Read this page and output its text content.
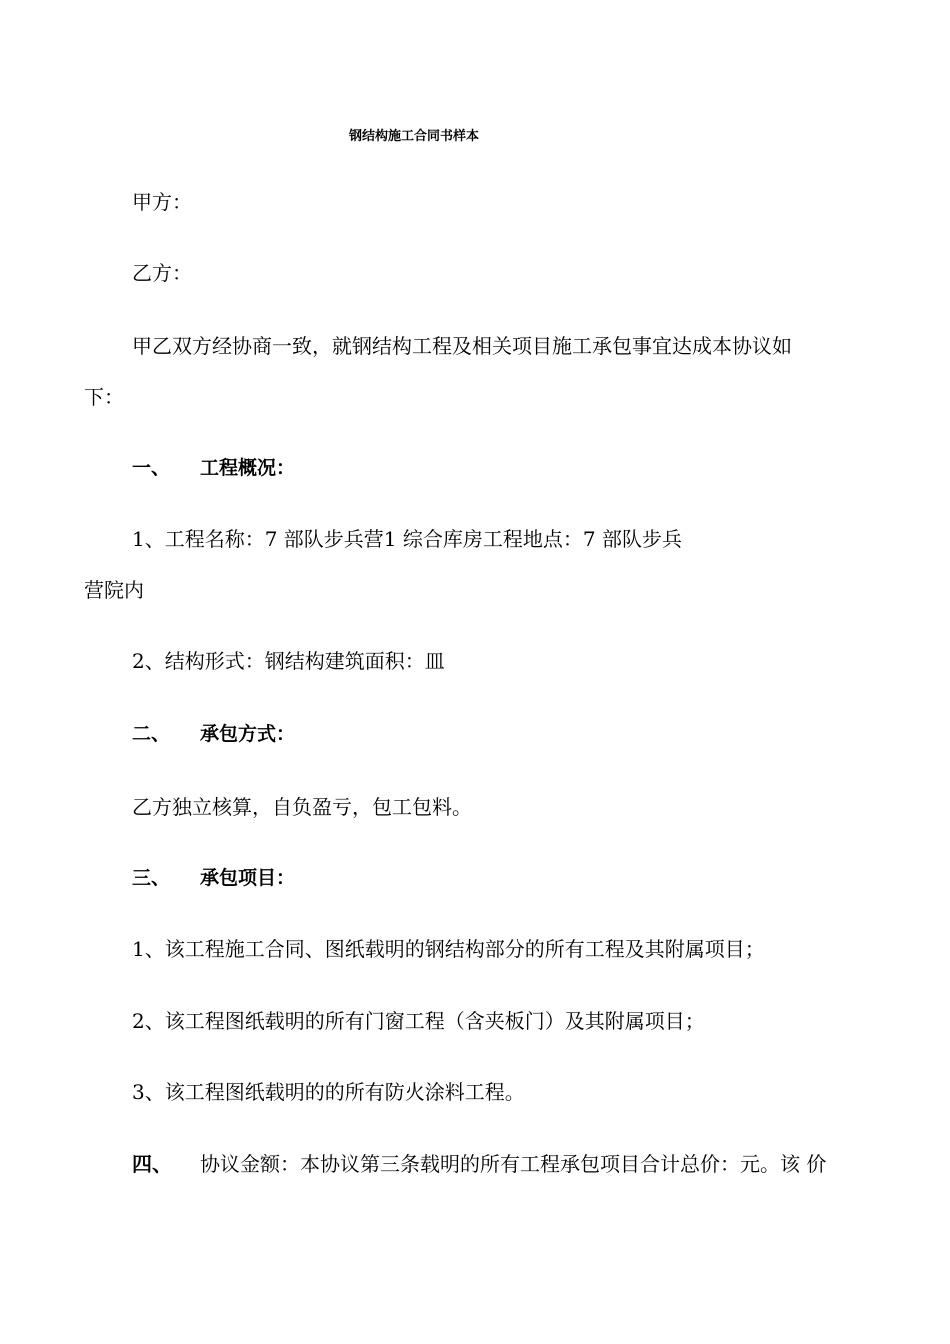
钢结构施工合同书样本
甲方：
乙方：
甲乙双方经协商一致，就钢结构工程及相关项目施工承包事宜达成本协议如
下：
一、 工程概况：
1、工程名称：7 部队步兵营1 综合库房工程地点：7 部队步兵
营院内
2、结构形式：钢结构建筑面积：皿
二、 承包方式：
乙方独立核算，自负盈亏，包工包料。
三、 承包项目：
1、该工程施工合同、图纸载明的钢结构部分的所有工程及其附属项目；
2、该工程图纸载明的所有门窗工程（含夹板门）及其附属项目；
3、该工程图纸载明的的所有防火涂料工程。
四、 协议金额：本协议第三条载明的所有工程承包项目合计总价：元。该 价
